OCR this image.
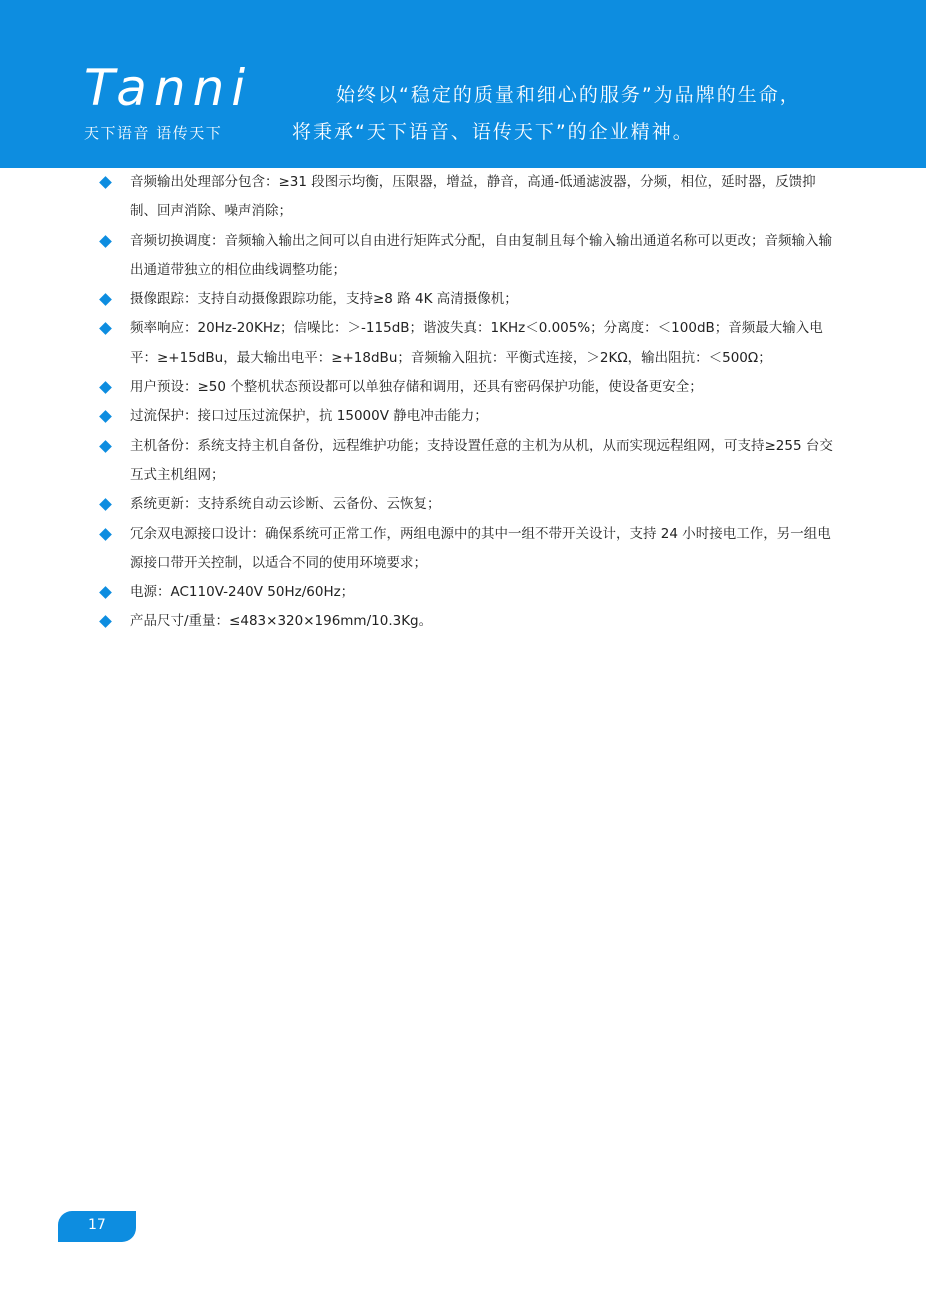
Tanni
天下语音 语传天下
始终以“稳定的质量和细心的服务”为品牌的生命，
将秉承“天下语音、语传天下”的企业精神。
音频输出处理部分包含：≥31 段图示均衡，压限器，增益，静音，高通-低通滤波器，分频，相位，延时器，反馈抑制、回声消除、噪声消除；
音频切换调度：音频输入输出之间可以自由进行矩阵式分配，自由复制且每个输入输出通道名称可以更改；音频输入输出通道带独立的相位曲线调整功能；
摄像跟踪：支持自动摄像跟踪功能，支持≥8 路 4K 高清摄像机；
频率响应：20Hz-20KHz；信噪比：＞-115dB；谐波失真：1KHz＜0.005%；分离度：＜100dB；音频最大输入电平：≥+15dBu，最大输出电平：≥+18dBu；音频输入阻抗：平衡式连接，＞2KΩ，输出阻抗：＜500Ω；
用户预设：≥50 个整机状态预设都可以单独存储和调用，还具有密码保护功能，使设备更安全；
过流保护：接口过压过流保护，抗 15000V 静电冲击能力；
主机备份：系统支持主机自备份，远程维护功能；支持设置任意的主机为从机，从而实现远程组网，可支持≥255 台交互式主机组网；
系统更新：支持系统自动云诊断、云备份、云恢复；
冗余双电源接口设计：确保系统可正常工作，两组电源中的其中一组不带开关设计，支持 24 小时接电工作，另一组电源接口带开关控制，以适合不同的使用环境要求；
电源：AC110V-240V 50Hz/60Hz；
产品尺寸/重量：≤483×320×196mm/10.3Kg。
17
